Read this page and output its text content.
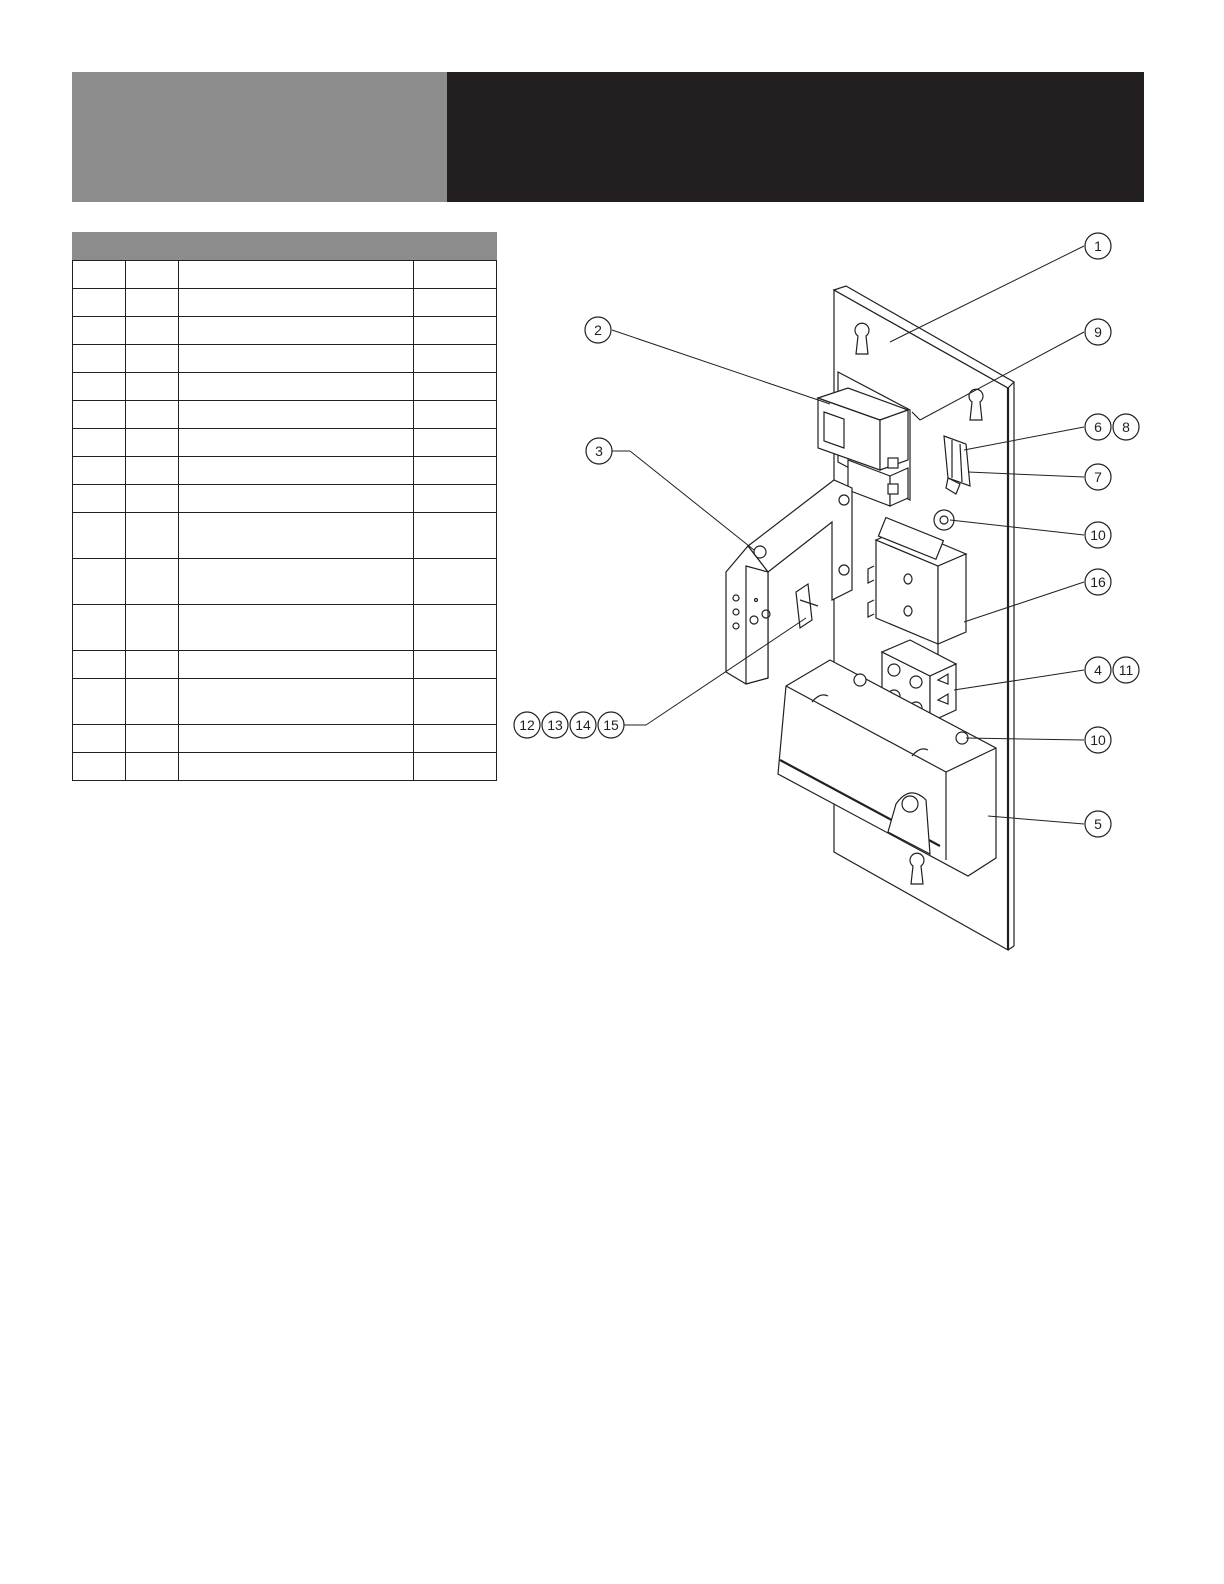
1
2	9
6 8
3
7
10
16
4 11
12 13 14 15
10
5
